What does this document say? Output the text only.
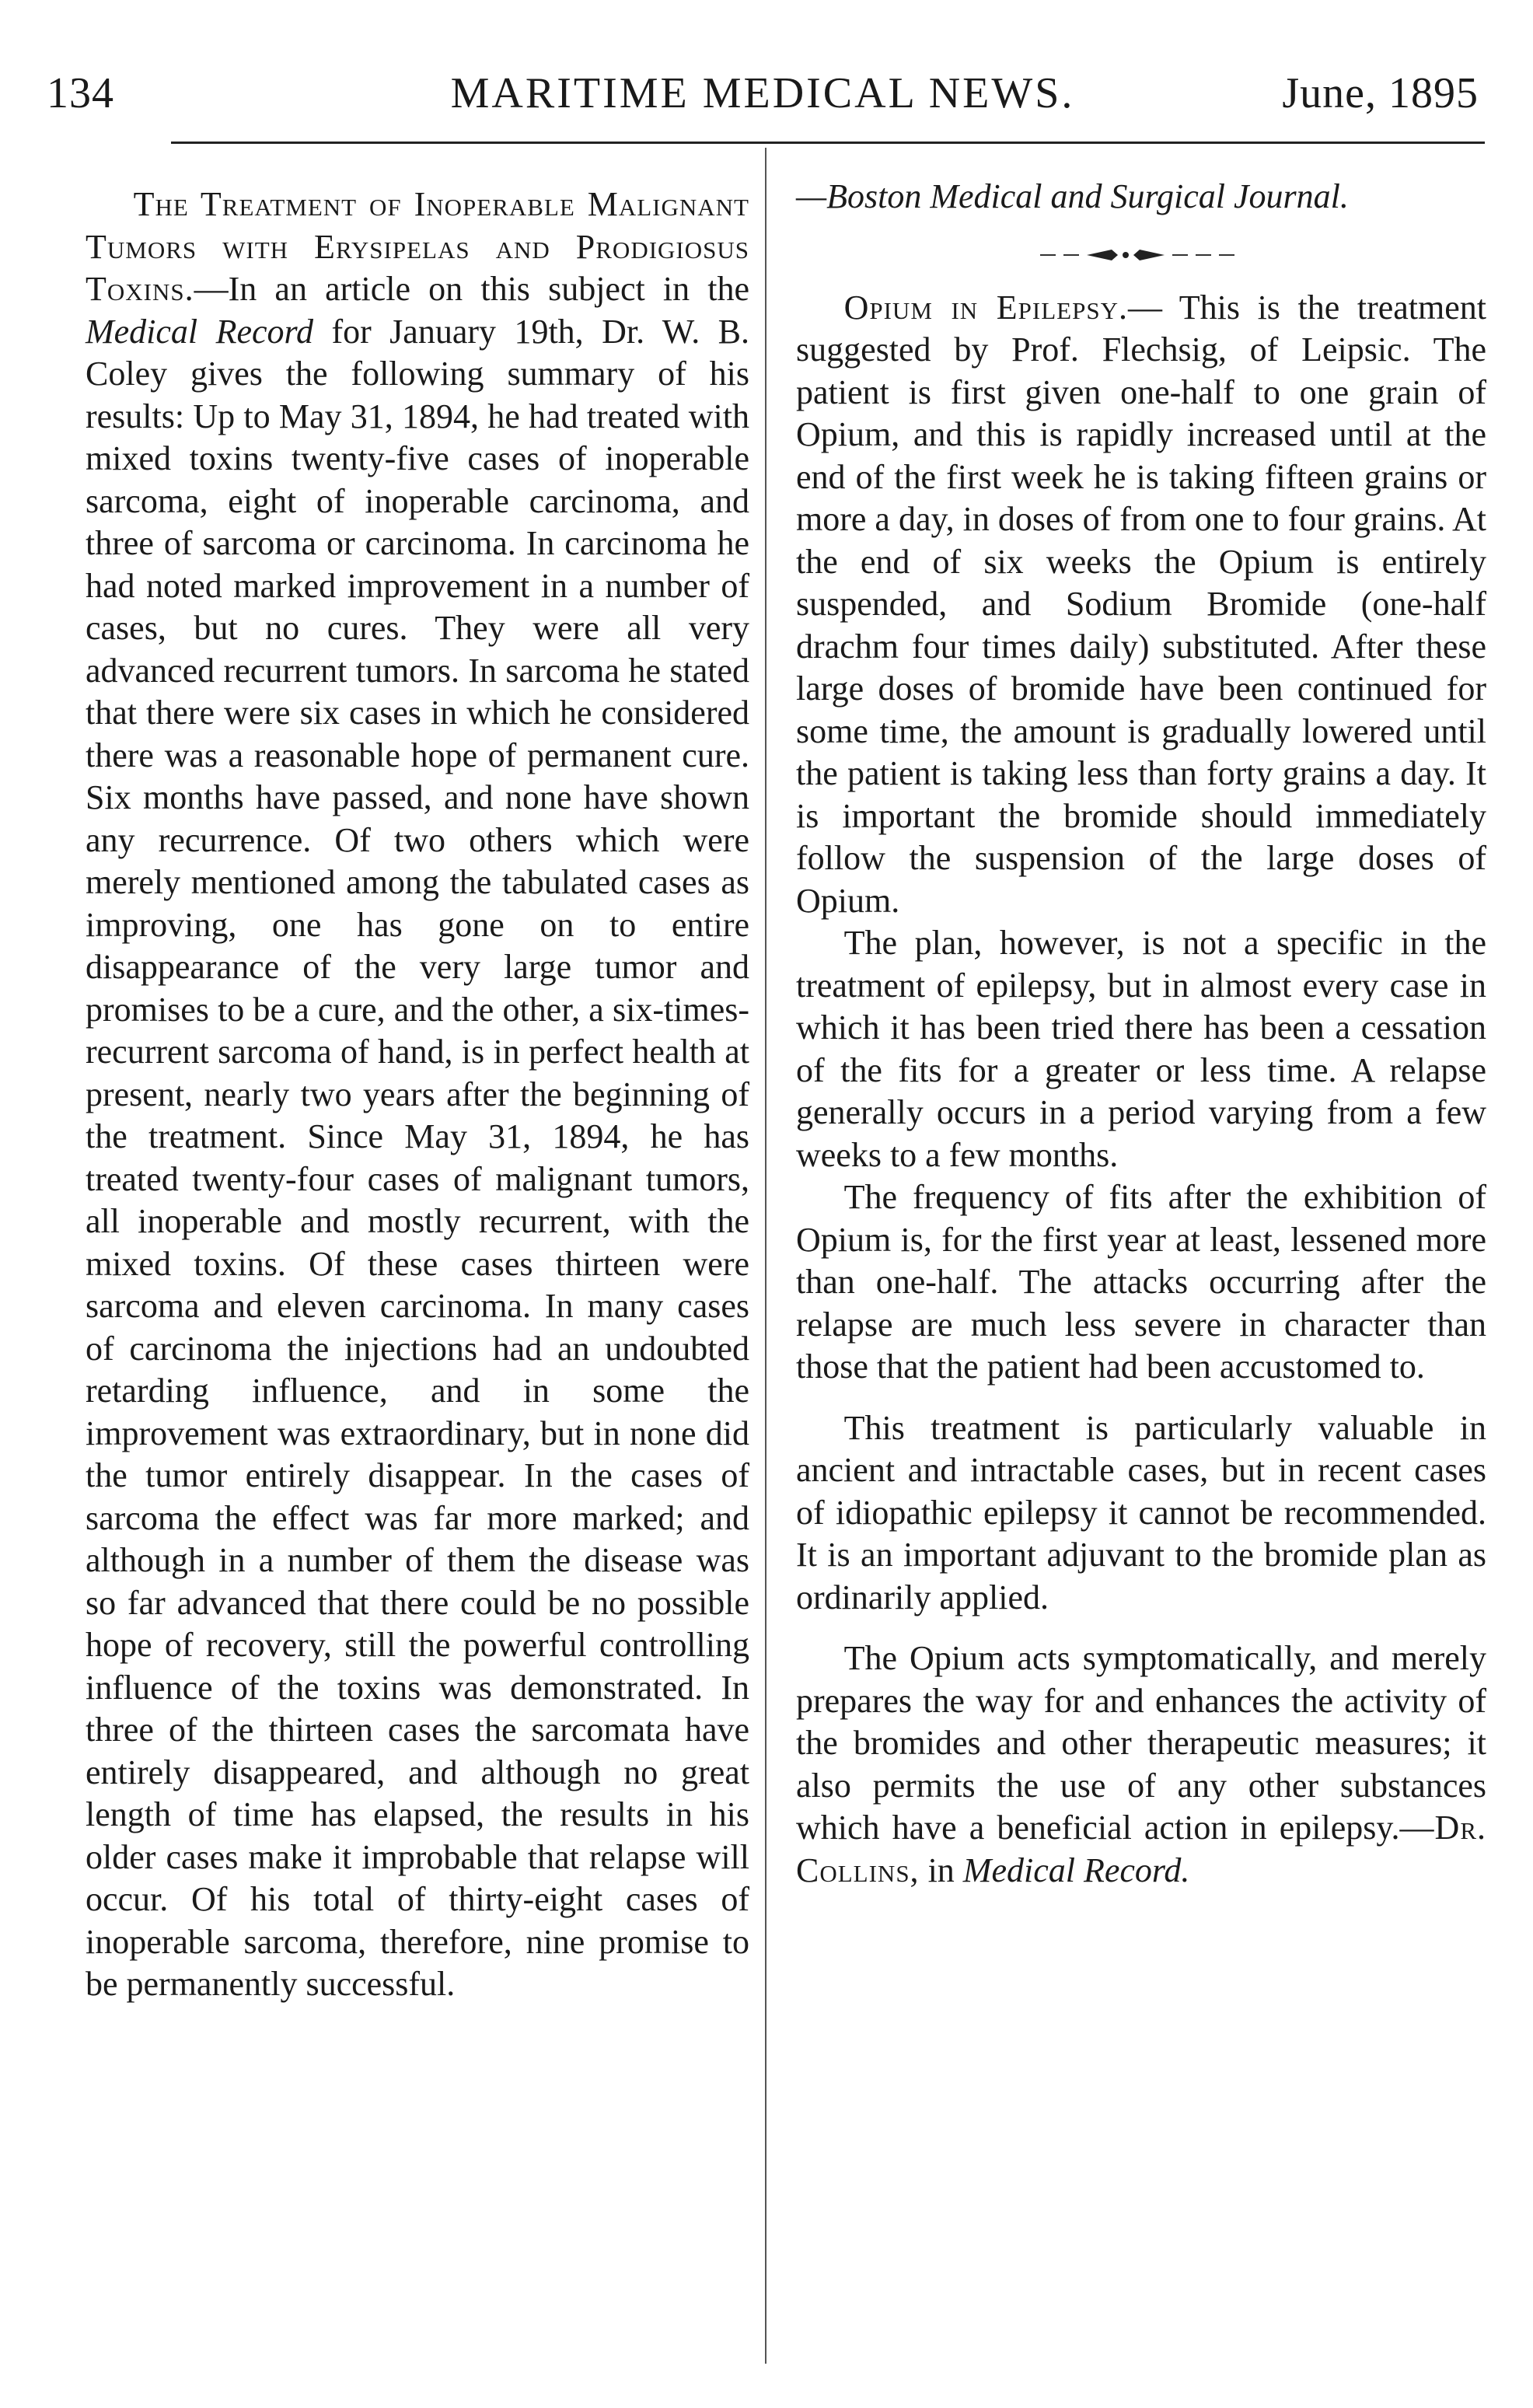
134	MARITIME MEDICAL NEWS.	June, 1895

The Treatment of Inoperable Malignant Tumors with Erysipelas and Prodigiosus Toxins.—In an article on this subject in the Medical Record for January 19th, Dr. W. B. Coley gives the following summary of his results: Up to May 31, 1894, he had treated with mixed toxins twenty-five cases of inoperable sarcoma, eight of inoperable carcinoma, and three of sarcoma or carcinoma. In carcinoma he had noted marked improvement in a number of cases, but no cures. They were all very advanced recurrent tumors. In sarcoma he stated that there were six cases in which he considered there was a reasonable hope of permanent cure. Six months have passed, and none have shown any recurrence. Of two others which were merely mentioned among the tabulated cases as improving, one has gone on to entire disappearance of the very large tumor and promises to be a cure, and the other, a six-times-recurrent sarcoma of hand, is in perfect health at present, nearly two years after the beginning of the treatment. Since May 31, 1894, he has treated twenty-four cases of malignant tumors, all inoperable and mostly recurrent, with the mixed toxins. Of these cases thirteen were sarcoma and eleven carcinoma. In many cases of carcinoma the injections had an undoubted retarding influence, and in some the improvement was extraordinary, but in none did the tumor entirely disappear. In the cases of sarcoma the effect was far more marked; and although in a number of them the disease was so far advanced that there could be no possible hope of recovery, still the powerful controlling influence of the toxins was demonstrated. In three of the thirteen cases the sarcomata have entirely disappeared, and although no great length of time has elapsed, the results in his older cases make it improbable that relapse will occur. Of his total of thirty-eight cases of inoperable sarcoma, therefore, nine promise to be permanently successful.

—Boston Medical and Surgical Journal.

Opium in Epilepsy.— This is the treatment suggested by Prof. Flechsig, of Leipsic. The patient is first given one-half to one grain of Opium, and this is rapidly increased until at the end of the first week he is taking fifteen grains or more a day, in doses of from one to four grains. At the end of six weeks the Opium is entirely suspended, and Sodium Bromide (one-half drachm four times daily) substituted. After these large doses of bromide have been continued for some time, the amount is gradually lowered until the patient is taking less than forty grains a day. It is important the bromide should immediately follow the suspension of the large doses of Opium.

The plan, however, is not a specific in the treatment of epilepsy, but in almost every case in which it has been tried there has been a cessation of the fits for a greater or less time. A relapse generally occurs in a period varying from a few weeks to a few months.

The frequency of fits after the exhibition of Opium is, for the first year at least, lessened more than one-half. The attacks occurring after the relapse are much less severe in character than those that the patient had been accustomed to.

This treatment is particularly valuable in ancient and intractable cases, but in recent cases of idiopathic epilepsy it cannot be recommended. It is an important adjuvant to the bromide plan as ordinarily applied.

The Opium acts symptomatically, and merely prepares the way for and enhances the activity of the bromides and other therapeutic measures; it also permits the use of any other substances which have a beneficial action in epilepsy.—Dr. Collins, in Medical Record.
